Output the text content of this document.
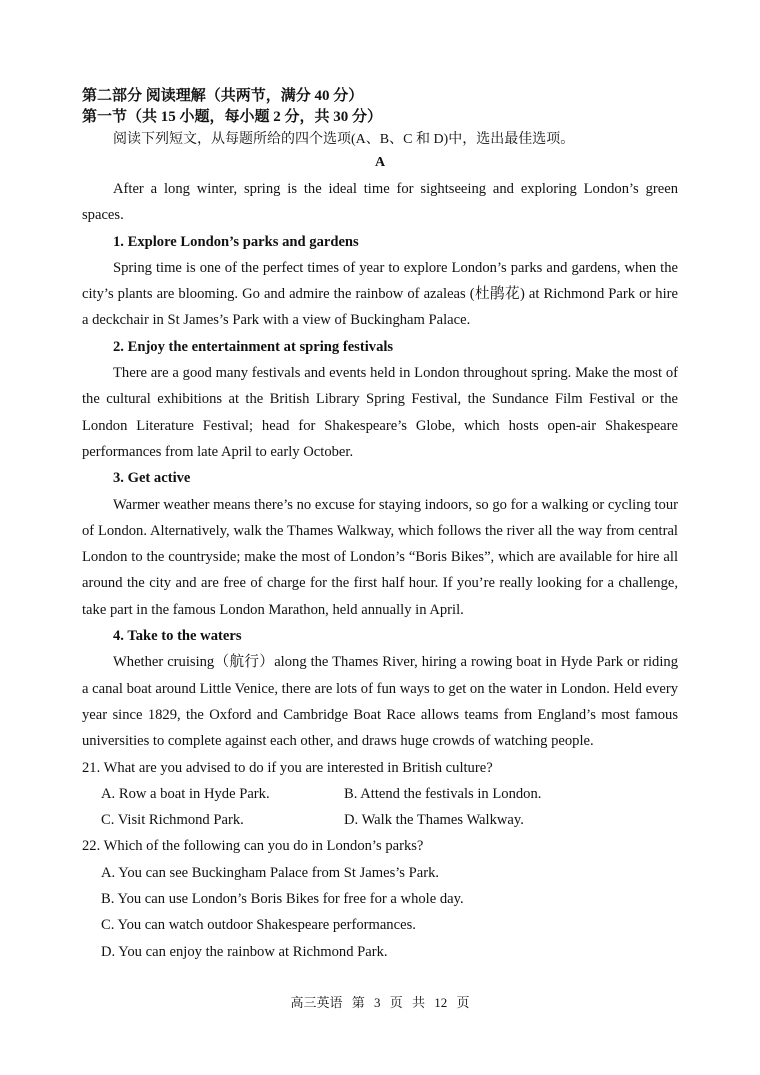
第二部分 阅读理解（共两节，满分 40 分）

第一节（共 15 小题，每小题 2 分，共 30 分）

阅读下列短文，从每题所给的四个选项(A、B、C 和 D)中，选出最佳选项。

A

After a long winter, spring is the ideal time for sightseeing and exploring London’s green spaces.

1. Explore London’s parks and gardens

Spring time is one of the perfect times of year to explore London’s parks and gardens, when the city’s plants are blooming. Go and admire the rainbow of azaleas (杜鹃花) at Richmond Park or hire a deckchair in St James’s Park with a view of Buckingham Palace.

2. Enjoy the entertainment at spring festivals

There are a good many festivals and events held in London throughout spring. Make the most of the cultural exhibitions at the British Library Spring Festival, the Sundance Film Festival or the London Literature Festival; head for Shakespeare’s Globe, which hosts open-air Shakespeare performances from late April to early October.

3. Get active

Warmer weather means there’s no excuse for staying indoors, so go for a walking or cycling tour of London. Alternatively, walk the Thames Walkway, which follows the river all the way from central London to the countryside; make the most of London’s “Boris Bikes”, which are available for hire all around the city and are free of charge for the first half hour. If you’re really looking for a challenge, take part in the famous London Marathon, held annually in April.

4. Take to the waters

Whether cruising（航行）along the Thames River, hiring a rowing boat in Hyde Park or riding a canal boat around Little Venice, there are lots of fun ways to get on the water in London. Held every year since 1829, the Oxford and Cambridge Boat Race allows teams from England’s most famous universities to complete against each other, and draws huge crowds of watching people.

21. What are you advised to do if you are interested in British culture?

A. Row a boat in Hyde Park.	B. Attend the festivals in London.
C. Visit Richmond Park.	D. Walk the Thames Walkway.

22. Which of the following can you do in London’s parks?

A. You can see Buckingham Palace from St James’s Park.
B. You can use London’s Boris Bikes for free for a whole day.
C. You can watch outdoor Shakespeare performances.
D. You can enjoy the rainbow at Richmond Park.
高三英语 第 3 页 共 12 页
